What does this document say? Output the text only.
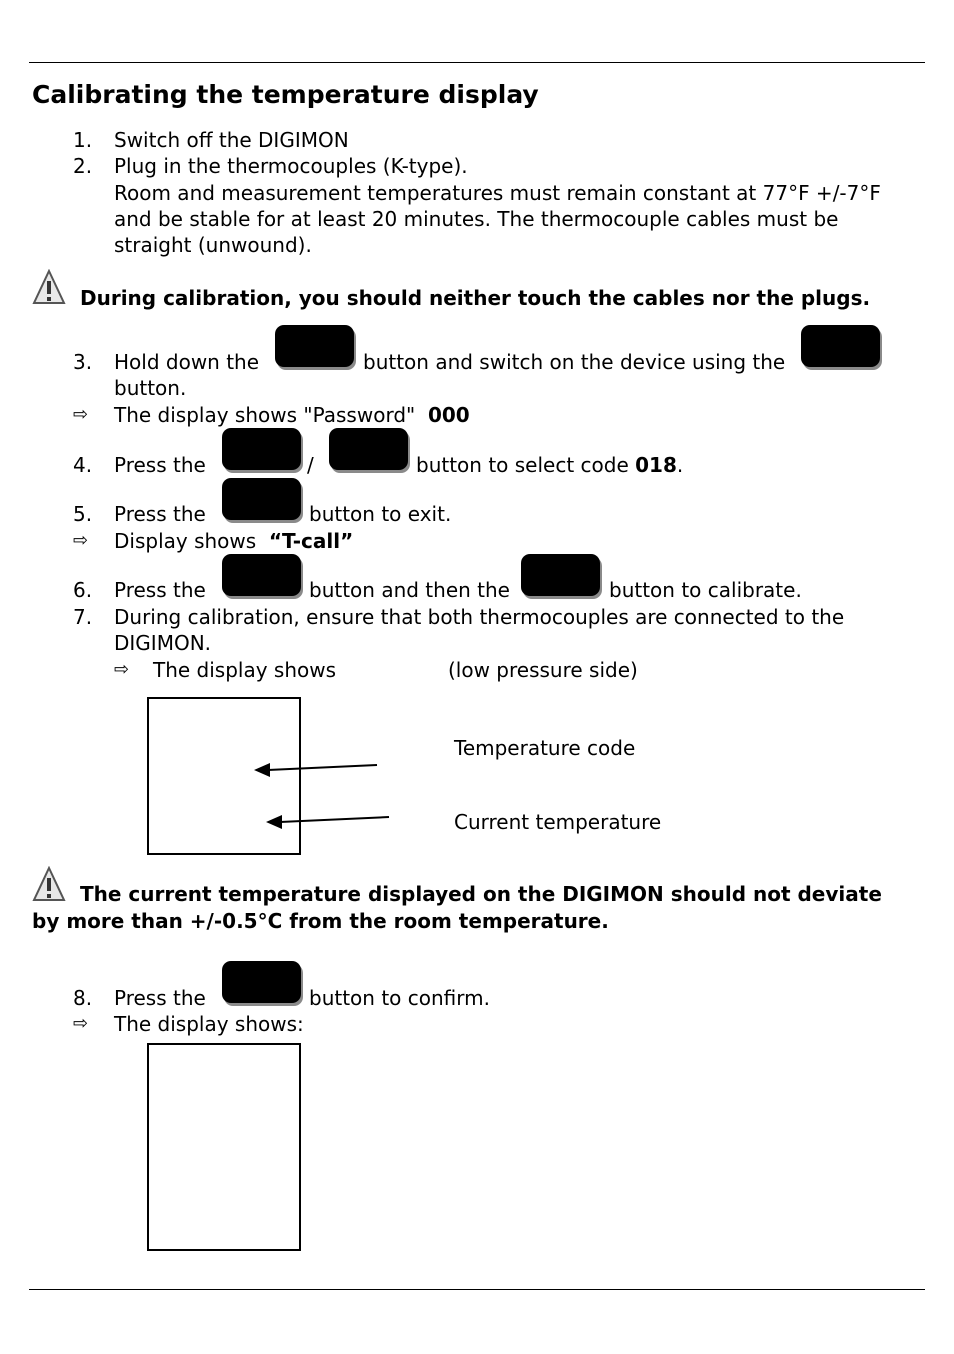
Calibrating the temperature display
1.	Switch off the DIGIMON
2.	Plug in the thermocouples (K-type).
Room and measurement temperatures must remain constant at 77°F +/-7°F
and be stable for at least 20 minutes. The thermocouple cables must be
straight (unwound).
During calibration, you should neither touch the cables nor the plugs.
3.	Hold down the	button and switch on the device using the
button.
⇨ The display shows "Password" 000
4.	Press the	/	button to select code 018.
5.	Press the	button to exit.
⇨ Display shows “T-call”
6.	Press the	button and then the	button to calibrate.
7.	During calibration, ensure that both thermocouples are connected to the
DIGIMON.
⇨ The display shows	(low pressure side)
Temperature code
Current temperature
The current temperature displayed on the DIGIMON should not deviate
by more than +/-0.5°C from the room temperature.
8.	Press the	button to confirm.
⇨ The display shows:
